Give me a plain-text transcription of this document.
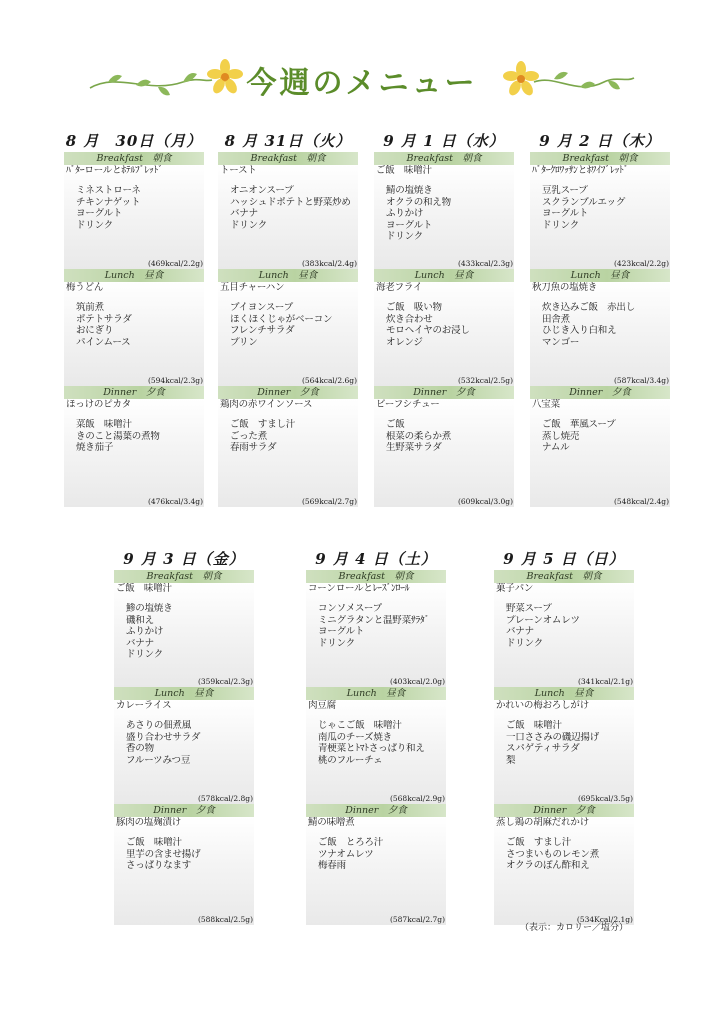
今週のメニュー
8 月　30日（月）
Breakfast　朝食
ﾊﾞﾀｰロールとﾎﾃﾙﾌﾞﾚｯﾄﾞ
ミネストローネ
チキンナゲット
ヨーグルト
ドリンク
(469kcal/2.2g)
Lunch　昼食
梅うどん
筑前煮
ポテトサラダ
おにぎり
パインムース
(594kcal/2.3g)
Dinner　夕食
ほっけのピカタ
菜飯　味噌汁
きのこと湯葉の煮物
焼き茄子
(476kcal/3.4g)
8 月 31日（火）
Breakfast　朝食
トースト
オニオンスープ
ハッシュドポテトと野菜炒め
バナナ
ドリンク
(383kcal/2.4g)
Lunch　昼食
五目チャーハン
ブイヨンスープ
ほくほくじゃがベーコン
フレンチサラダ
プリン
(564kcal/2.6g)
Dinner　夕食
鶏肉の赤ワインソース
ご飯　すまし汁
ごった煮
春雨サラダ
(569kcal/2.7g)
9 月 1 日（水）
Breakfast　朝食
ご飯　味噌汁
鯖の塩焼き
オクラの和え物
ふりかけ
ヨーグルト
ドリンク
(433kcal/2.3g)
Lunch　昼食
海老フライ
ご飯　吸い物
炊き合わせ
モロヘイヤのお浸し
オレンジ
(532kcal/2.5g)
Dinner　夕食
ビーフシチュー
ご飯
根菜の柔らか煮
生野菜サラダ
(609kcal/3.0g)
9 月 2 日（木）
Breakfast　朝食
ﾊﾞﾀｰｸﾛﾜｯｻﾝとﾎﾜｲﾌﾞﾚｯﾄﾞ
豆乳スープ
スクランブルエッグ
ヨーグルト
ドリンク
(423kcal/2.2g)
Lunch　昼食
秋刀魚の塩焼き
炊き込みご飯　赤出し
田舎煮
ひじき入り白和え
マンゴー
(587kcal/3.4g)
Dinner　夕食
八宝菜
ご飯　華風スープ
蒸し焼売
ナムル
(548kcal/2.4g)
9 月 3 日（金）
Breakfast　朝食
ご飯　味噌汁
鯵の塩焼き
磯和え
ふりかけ
バナナ
ドリンク
(359kcal/2.3g)
Lunch　昼食
カレーライス
あさりの佃煮風
盛り合わせサラダ
香の物
フルーツみつ豆
(578kcal/2.8g)
Dinner　夕食
豚肉の塩麹漬け
ご飯　味噌汁
里芋の含ませ揚げ
さっぱりなます
(588kcal/2.5g)
9 月 4 日（土）
Breakfast　朝食
コーンロールとﾚｰｽﾞﾝﾛｰﾙ
コンソメスープ
ミニグラタンと温野菜ｻﾗﾀﾞ
ヨーグルト
ドリンク
(403kcal/2.0g)
Lunch　昼食
肉豆腐
じゃこご飯　味噌汁
南瓜のチーズ焼き
青梗菜とﾄﾏﾄさっぱり和え
桃のフルーチェ
(568kcal/2.9g)
Dinner　夕食
鯖の味噌煮
ご飯　とろろ汁
ツナオムレツ
梅春雨
(587kcal/2.7g)
9 月 5 日（日）
Breakfast　朝食
菓子パン
野菜スープ
プレーンオムレツ
バナナ
ドリンク
(341kcal/2.1g)
Lunch　昼食
かれいの梅おろしがけ
ご飯　味噌汁
一口ささみの磯辺揚げ
スパゲティサラダ
梨
(695kcal/3.5g)
Dinner　夕食
蒸し鶏の胡麻だれかけ
ご飯　すまし汁
さつまいものレモン煮
オクラのぽん酢和え
(534Kcal/2.1g)
（表示：カロリー／塩分）
